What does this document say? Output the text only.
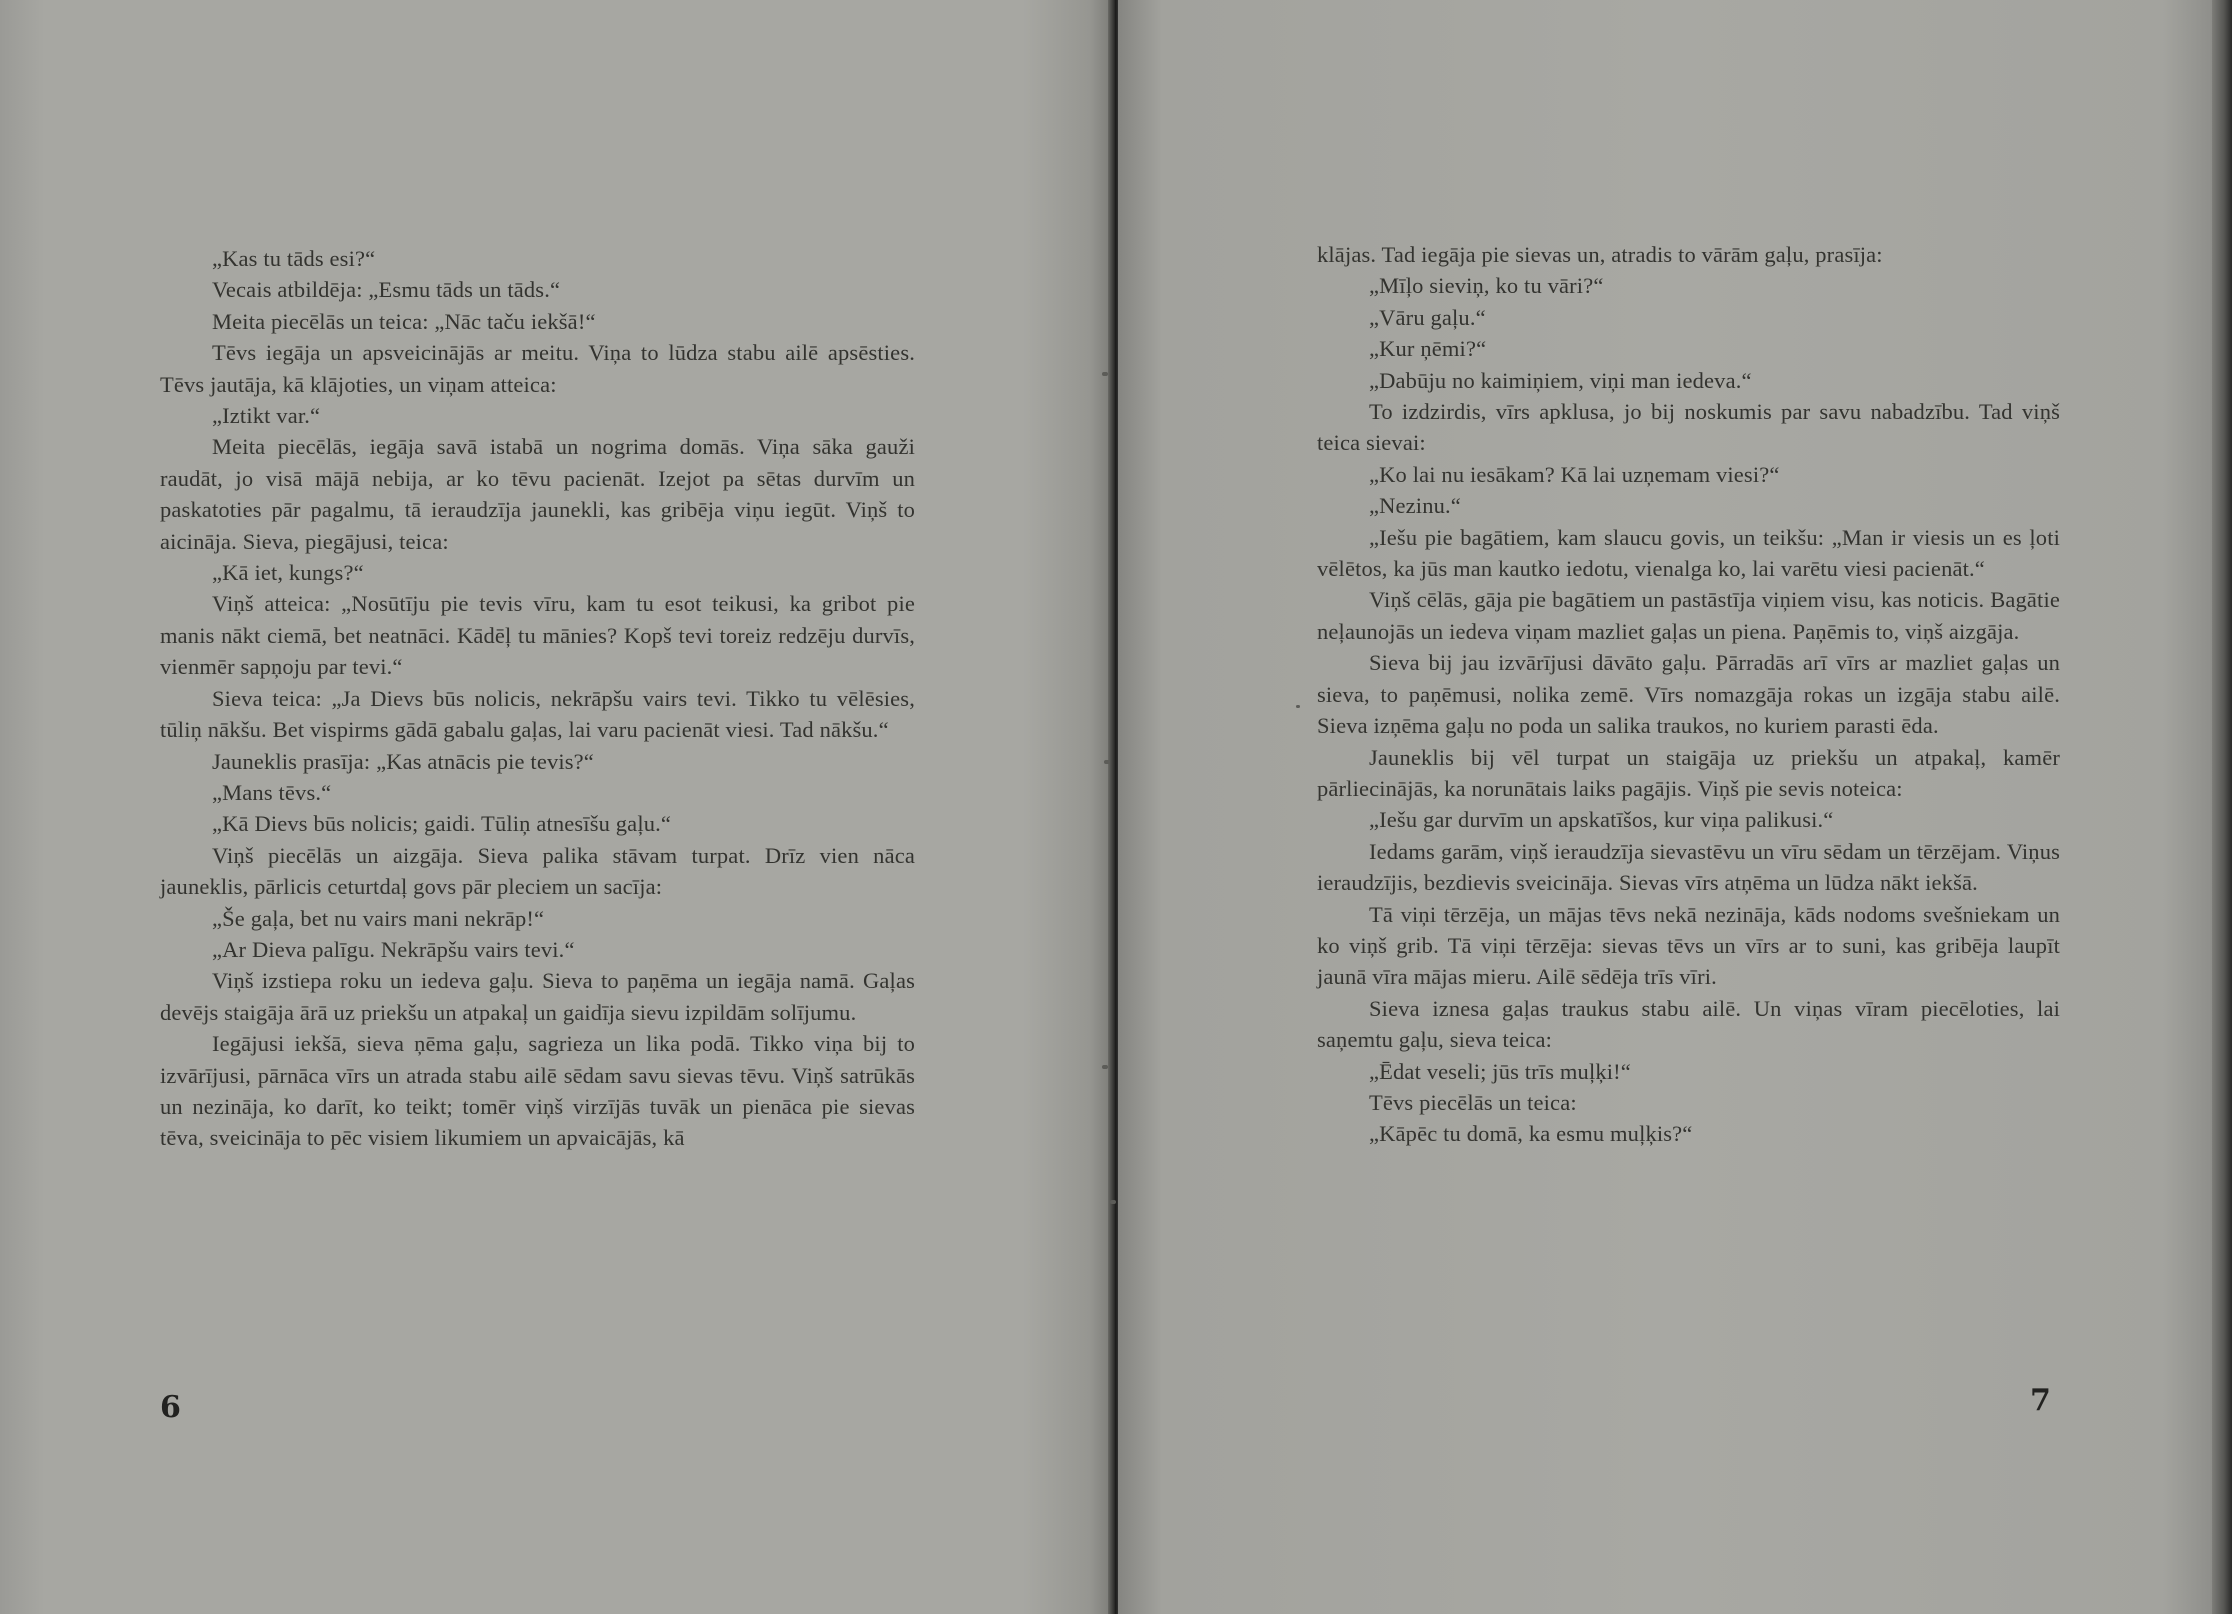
„Kas tu tāds esi?“

Vecais atbildēja: „Esmu tāds un tāds.“

Meita piecēlās un teica: „Nāc taču iekšā!“

Tēvs iegāja un apsveicinājās ar meitu. Viņa to lūdza stabu ailē apsēsties. Tēvs jautāja, kā klājoties, un viņam atteica:

„Iztikt var.“

Meita piecēlās, iegāja savā istabā un nogrima domās. Viņa sāka gauži raudāt, jo visā mājā nebija, ar ko tēvu pacienāt. Izejot pa sētas durvīm un paskatoties pār pagalmu, tā ieraudzīja jaunekli, kas gribēja viņu iegūt. Viņš to aicināja. Sieva, piegājusi, teica:

„Kā iet, kungs?“

Viņš atteica: „Nosūtīju pie tevis vīru, kam tu esot teikusi, ka gribot pie manis nākt ciemā, bet neatnāci. Kādēļ tu mānies? Kopš tevi toreiz redzēju durvīs, vienmēr sapņoju par tevi.“

Sieva teica: „Ja Dievs būs nolicis, nekrāpšu vairs tevi. Tikko tu vēlēsies, tūliņ nākšu. Bet vispirms gādā gabalu gaļas, lai varu pacienāt viesi. Tad nākšu.“

Jauneklis prasīja: „Kas atnācis pie tevis?“

„Mans tēvs.“

„Kā Dievs būs nolicis; gaidi. Tūliņ atnesīšu gaļu.“

Viņš piecēlās un aizgāja. Sieva palika stāvam turpat. Drīz vien nāca jauneklis, pārlicis ceturtdaļ govs pār pleciem un sacīja:

„Še gaļa, bet nu vairs mani nekrāp!“

„Ar Dieva palīgu. Nekrāpšu vairs tevi.“

Viņš izstiepa roku un iedeva gaļu. Sieva to paņēma un iegāja namā. Gaļas devējs staigāja ārā uz priekšu un atpakaļ un gaidīja sievu izpildām solījumu.

Iegājusi iekšā, sieva ņēma gaļu, sagrieza un lika podā. Tikko viņa bij to izvārījusi, pārnāca vīrs un atrada stabu ailē sēdam savu sievas tēvu. Viņš satrūkās un nezināja, ko darīt, ko teikt; tomēr viņš virzījās tuvāk un pienāca pie sievas tēva, sveicināja to pēc visiem likumiem un apvaicājās, kā

6

klājas. Tad iegāja pie sievas un, atradis to vārām gaļu, prasīja:

„Mīļo sieviņ, ko tu vāri?“

„Vāru gaļu.“

„Kur ņēmi?“

„Dabūju no kaimiņiem, viņi man iedeva.“

To izdzirdis, vīrs apklusa, jo bij noskumis par savu nabadzību. Tad viņš teica sievai:

„Ko lai nu iesākam? Kā lai uzņemam viesi?“

„Nezinu.“

„Iešu pie bagātiem, kam slaucu govis, un teikšu: „Man ir viesis un es ļoti vēlētos, ka jūs man kautko iedotu, vienalga ko, lai varētu viesi pacienāt.“

Viņš cēlās, gāja pie bagātiem un pastāstīja viņiem visu, kas noticis. Bagātie neļaunojās un iedeva viņam mazliet gaļas un piena. Paņēmis to, viņš aizgāja.

Sieva bij jau izvārījusi dāvāto gaļu. Pārradās arī vīrs ar mazliet gaļas un sieva, to paņēmusi, nolika zemē. Vīrs nomazgāja rokas un izgāja stabu ailē. Sieva izņēma gaļu no poda un salika traukos, no kuriem parasti ēda.

Jauneklis bij vēl turpat un staigāja uz priekšu un atpakaļ, kamēr pārliecinājās, ka norunātais laiks pagājis. Viņš pie sevis noteica:

„Iešu gar durvīm un apskatīšos, kur viņa palikusi.“

Iedams garām, viņš ieraudzīja sievastēvu un vīru sēdam un tērzējam. Viņus ieraudzījis, bezdievis sveicināja. Sievas vīrs atņēma un lūdza nākt iekšā.

Tā viņi tērzēja, un mājas tēvs nekā nezināja, kāds nodoms svešniekam un ko viņš grib. Tā viņi tērzēja: sievas tēvs un vīrs ar to suni, kas gribēja laupīt jaunā vīra mājas mieru. Ailē sēdēja trīs vīri.

Sieva iznesa gaļas traukus stabu ailē. Un viņas vīram piecēloties, lai saņemtu gaļu, sieva teica:

„Ēdat veseli; jūs trīs muļķi!“

Tēvs piecēlās un teica:

„Kāpēc tu domā, ka esmu muļķis?“

7
